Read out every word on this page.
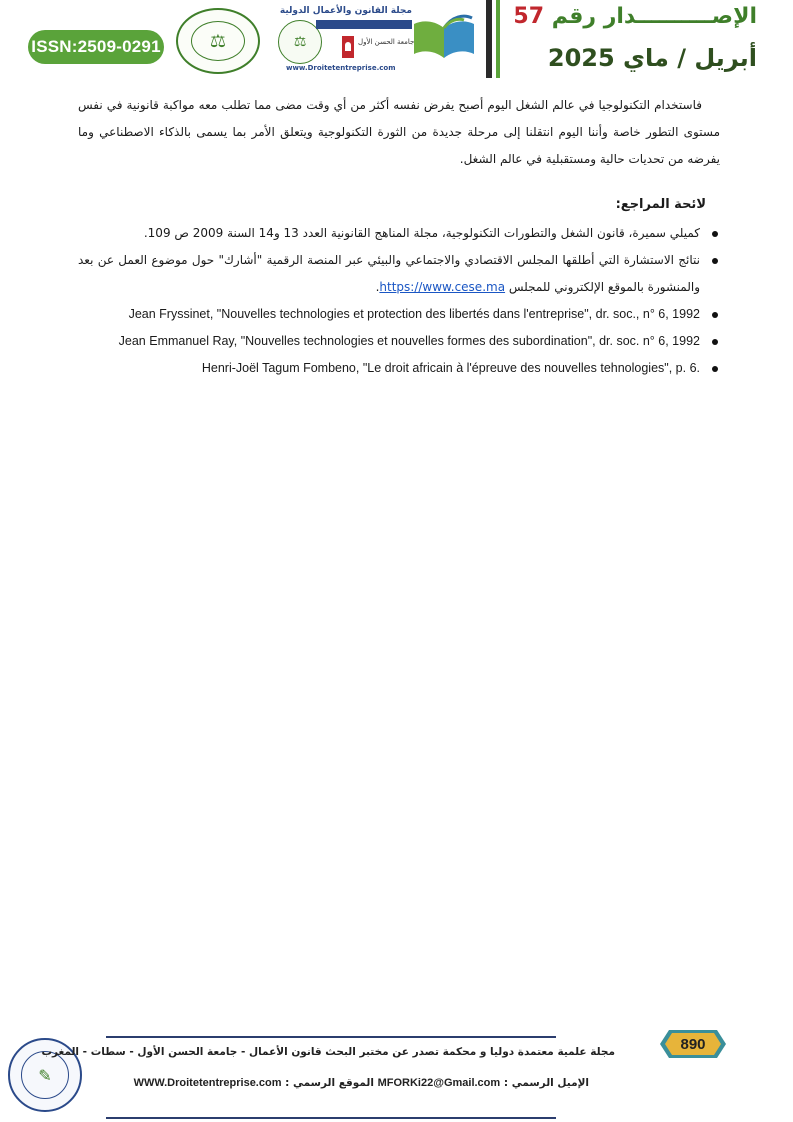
ISSN:2509-0291	⚖	⚖
مجلة القانون والأعمال الدولية
جامعة الحسن الأول
www.Droitetentreprise.com
الإصــــــــــدار رقم 57
أبريل / ماي 2025

فاستخدام التكنولوجيا في عالم الشغل اليوم أصبح يفرض نفسه أكثر من أي وقت مضى مما تطلب معه مواكبة قانونية في نفس مستوى التطور خاصة وأننا اليوم انتقلنا إلى مرحلة جديدة من الثورة التكنولوجية ويتعلق الأمر بما يسمى بالذكاء الاصطناعي وما يفرضه من تحديات حالية ومستقبلية في عالم الشغل.

لائحة المراجع:
كميلي سميرة، قانون الشغل والتطورات التكنولوجية، مجلة المناهج القانونية العدد 13 و14 السنة 2009 ص 109.
نتائج الاستشارة التي أطلقها المجلس الاقتصادي والاجتماعي والبيئي عبر المنصة الرقمية "أشارك" حول موضوع العمل عن بعد والمنشورة بالموقع الإلكتروني للمجلس https://www.cese.ma.
Jean Fryssinet, "Nouvelles technologies et protection des libertés dans l'entreprise", dr. soc., n° 6, 1992
Jean Emmanuel Ray, "Nouvelles technologies et nouvelles formes des subordination", dr. soc. n° 6, 1992
Henri-Joël Tagum Fombeno, "Le droit africain à l'épreuve des nouvelles tehnologies", p. 6.
✎
مجلة علمية معتمدة دوليا و محكمة تصدر عن مختبر البحث قانون الأعمال - جامعة الحسن الأول - سطات - المغرب
الإميل الرسمي : MFORKi22@Gmail.com الموقع الرسمي : WWW.Droitetentreprise.com
890
